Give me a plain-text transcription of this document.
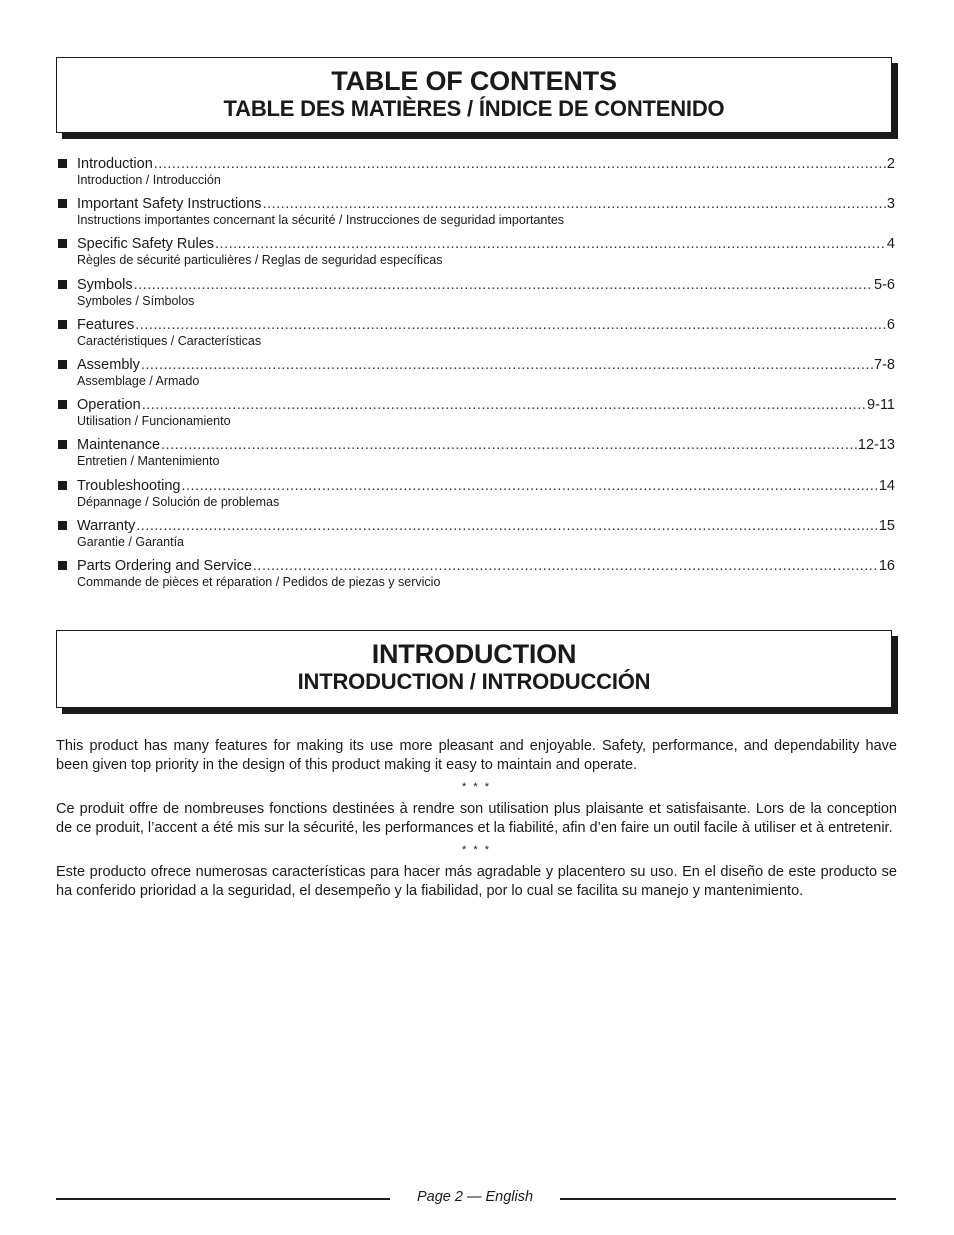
TABLE OF CONTENTS
TABLE DES MATIÈRES / ÍNDICE DE CONTENIDO
Introduction .....	2
Introduction / Introducción
Important Safety Instructions .....	3
Instructions importantes concernant la sécurité / Instrucciones de seguridad importantes
Specific Safety Rules .....	4
Règles de sécurité particulières / Reglas de seguridad específicas
Symbols .....	5-6
Symboles / Símbolos
Features .....	6
Caractéristiques / Características
Assembly .....	7-8
Assemblage / Armado
Operation .....	9-11
Utilisation / Funcionamiento
Maintenance .....	12-13
Entretien / Mantenimiento
Troubleshooting .....	14
Dépannage / Solución de problemas
Warranty .....	15
Garantie / Garantía
Parts Ordering and Service .....	16
Commande de pièces et réparation / Pedidos de piezas y servicio
INTRODUCTION
INTRODUCTION / INTRODUCCIÓN

This product has many features for making its use more pleasant and enjoyable. Safety, performance, and dependability have been given top priority in the design of this product making it easy to maintain and operate.

* * *

Ce produit offre de nombreuses fonctions destinées à rendre son utilisation plus plaisante et satisfaisante. Lors de la conception de ce produit, l’accent a été mis sur la sécurité, les performances et la fiabilité, afin d’en faire un outil facile à utiliser et à entretenir.

* * *

Este producto ofrece numerosas características para hacer más agradable y placentero su uso. En el diseño de este producto se ha conferido prioridad a la seguridad, el desempeño y la fiabilidad, por lo cual se facilita su manejo y mantenimiento.

Page 2 — English
